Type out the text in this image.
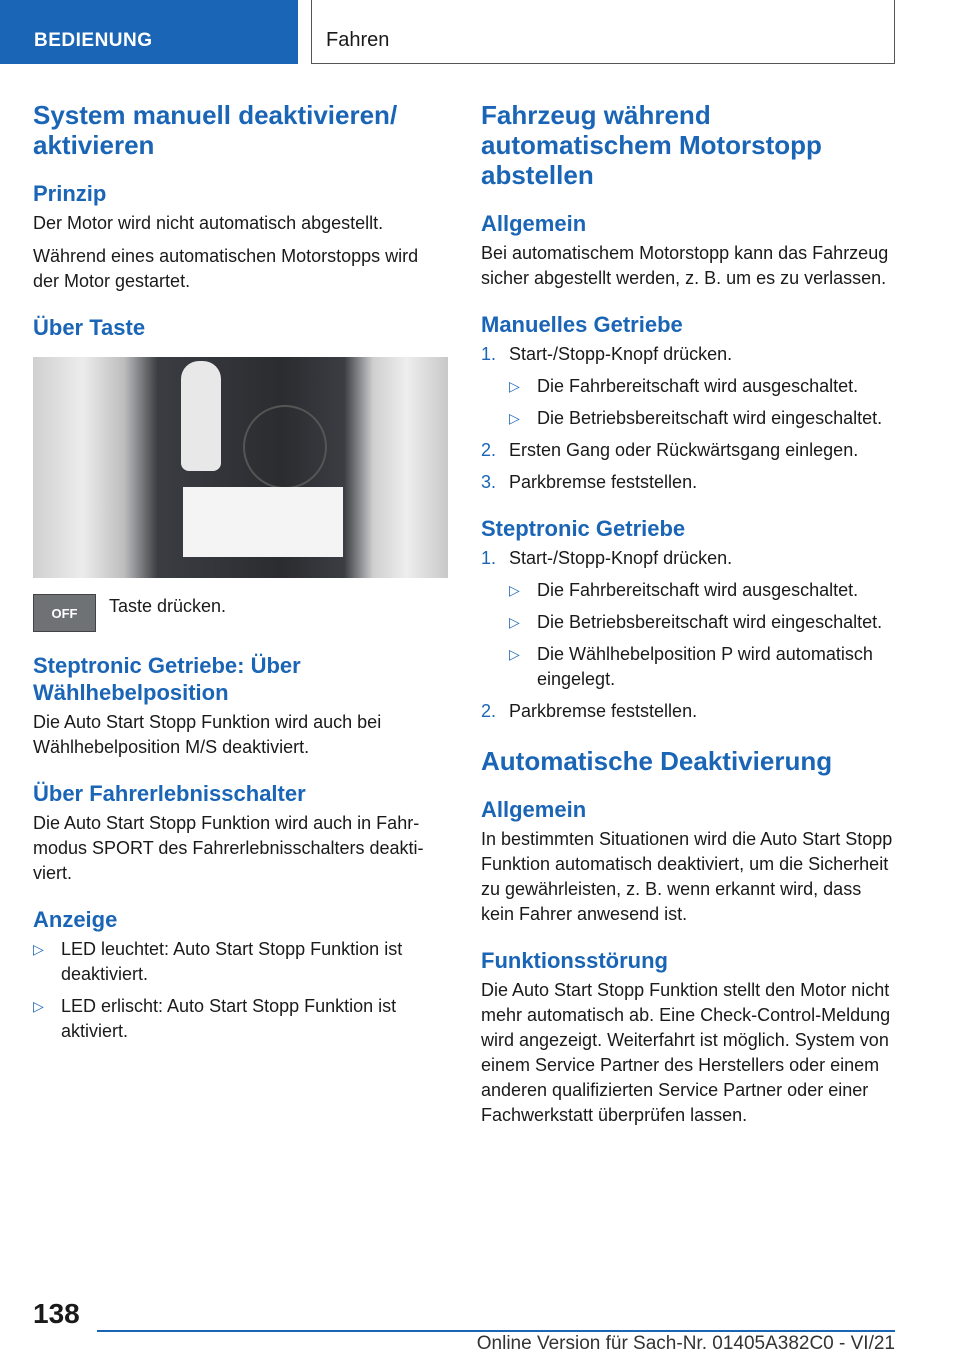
BEDIENUNG	Fahren
System manuell deaktivieren/ aktivieren
Prinzip

Der Motor wird nicht automatisch abgestellt.

Während eines automatischen Motorstopps wird der Motor gestartet.

Über Taste
OFF Taste drücken.

Steptronic Getriebe: Über Wählhebelposition

Die Auto Start Stopp Funktion wird auch bei Wählhebelposition M/S deaktiviert.

Über Fahrerlebnisschalter

Die Auto Start Stopp Funktion wird auch in Fahrmodus SPORT des Fahrerlebnisschalters deaktiviert.

Anzeige
▷ LED leuchtet: Auto Start Stopp Funktion ist deaktiviert.
▷ LED erlischt: Auto Start Stopp Funktion ist aktiviert.
Fahrzeug während automatischem Motorstopp abstellen
Allgemein

Bei automatischem Motorstopp kann das Fahrzeug sicher abgestellt werden, z. B. um es zu verlassen.

Manuelles Getriebe
1. Start-/Stopp-Knopf drücken.
▷ Die Fahrbereitschaft wird ausgeschaltet.
▷ Die Betriebsbereitschaft wird eingeschaltet.
2. Ersten Gang oder Rückwärtsgang einlegen.
3. Parkbremse feststellen.
Steptronic Getriebe
1. Start-/Stopp-Knopf drücken.
▷ Die Fahrbereitschaft wird ausgeschaltet.
▷ Die Betriebsbereitschaft wird eingeschaltet.
▷ Die Wählhebelposition P wird automatisch eingelegt.
2. Parkbremse feststellen.
Automatische Deaktivierung
Allgemein

In bestimmten Situationen wird die Auto Start Stopp Funktion automatisch deaktiviert, um die Sicherheit zu gewährleisten, z. B. wenn erkannt wird, dass kein Fahrer anwesend ist.

Funktionsstörung

Die Auto Start Stopp Funktion stellt den Motor nicht mehr automatisch ab. Eine Check-Control-Meldung wird angezeigt. Weiterfahrt ist möglich. System von einem Service Partner des Herstellers oder einem anderen qualifizierten Service Partner oder einer Fachwerkstatt überprüfen lassen.

138
Online Version für Sach-Nr. 01405A382C0 - VI/21
